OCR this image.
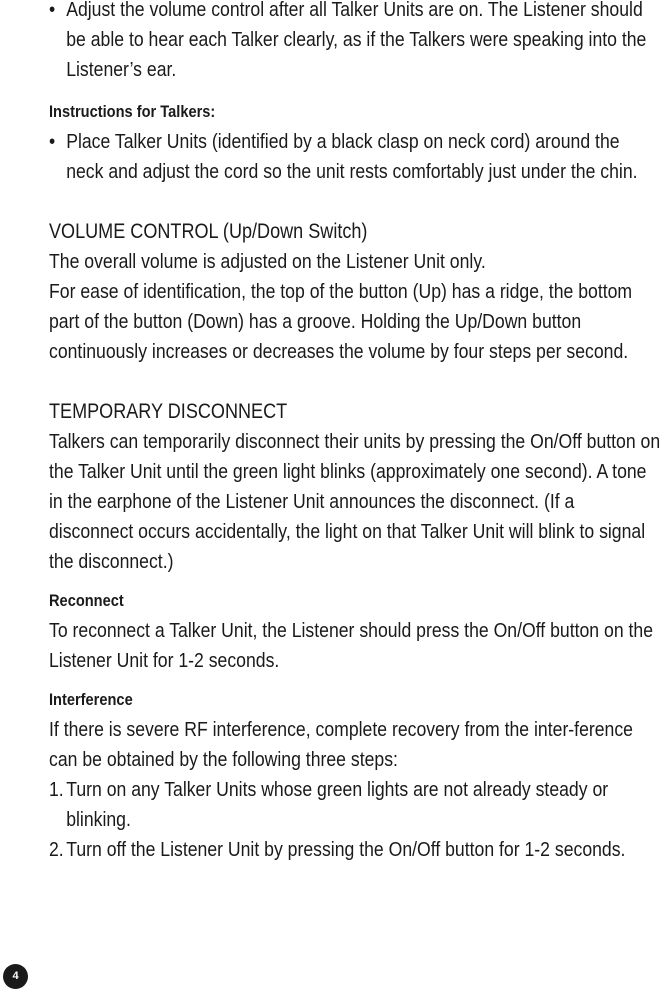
• Adjust the volume control after all Talker Units are on. The Listener should be able to hear each Talker clearly, as if the Talkers were speaking into the Listener’s ear.
Instructions for Talkers:
• Place Talker Units (identified by a black clasp on neck cord) around the neck and adjust the cord so the unit rests comfortably just under the chin.
VOLUME CONTROL (Up/Down Switch)

The overall volume is adjusted on the Listener Unit only.

For ease of identification, the top of the button (Up) has a ridge, the bottom part of the button (Down) has a groove. Holding the Up/Down button continuously increases or decreases the volume by four steps per second.

TEMPORARY DISCONNECT

Talkers can temporarily disconnect their units by pressing the On/Off button on the Talker Unit until the green light blinks (approximately one second). A tone in the earphone of the Listener Unit announces the disconnect. (If a disconnect occurs accidentally, the light on that Talker Unit will blink to signal the disconnect.)

Reconnect

To reconnect a Talker Unit, the Listener should press the On/Off button on the Listener Unit for 1-2 seconds.

Interference

If there is severe RF interference, complete recovery from the inter-ference can be obtained by the following three steps:

1. Turn on any Talker Units whose green lights are not already steady or blinking.
2. Turn off the Listener Unit by pressing the On/Off button for 1-2 seconds.
4
